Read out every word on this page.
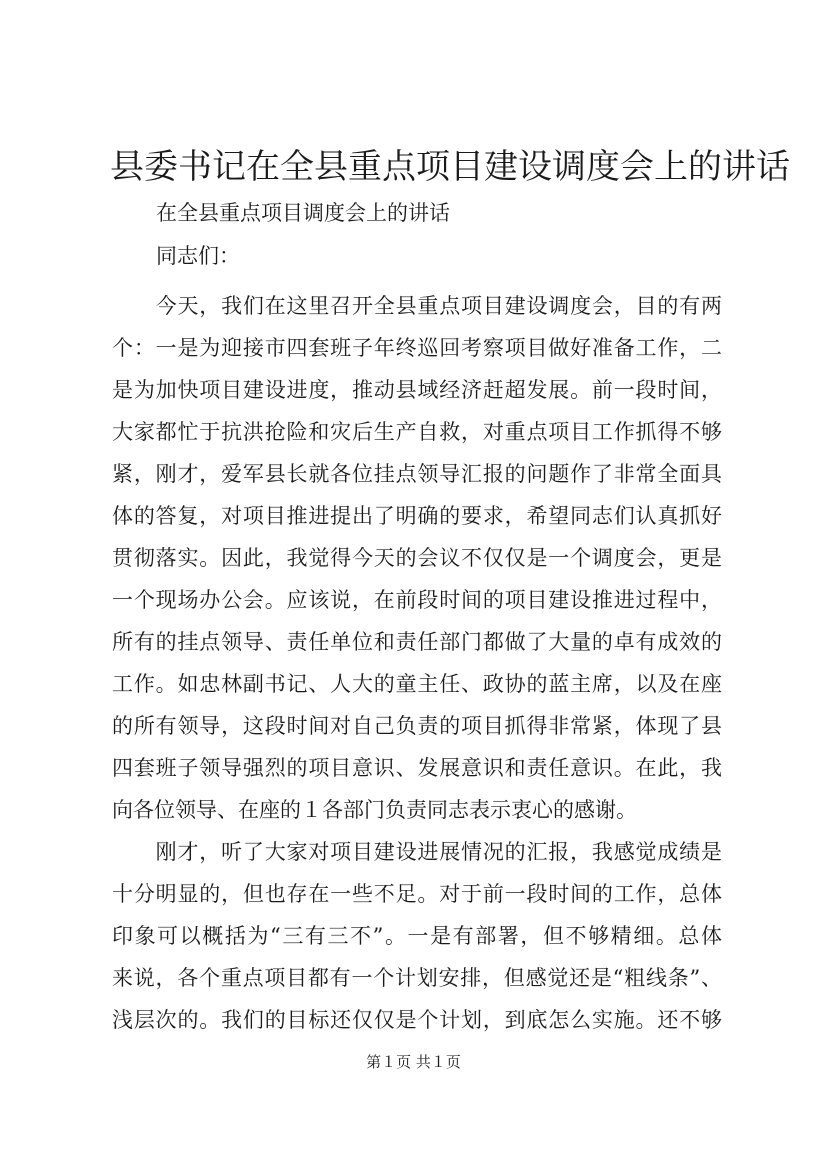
县委书记在全县重点项目建设调度会上的讲话
在全县重点项目调度会上的讲话
同志们：
　　今天，我们在这里召开全县重点项目建设调度会，目的有两
个：一是为迎接市四套班子年终巡回考察项目做好准备工作，二
是为加快项目建设进度，推动县域经济赶超发展。前一段时间，
大家都忙于抗洪抢险和灾后生产自救，对重点项目工作抓得不够
紧，刚才，爱军县长就各位挂点领导汇报的问题作了非常全面具
体的答复，对项目推进提出了明确的要求，希望同志们认真抓好
贯彻落实。因此，我觉得今天的会议不仅仅是一个调度会，更是
一个现场办公会。应该说，在前段时间的项目建设推进过程中，
所有的挂点领导、责任单位和责任部门都做了大量的卓有成效的
工作。如忠林副书记、人大的童主任、政协的蓝主席，以及在座
的所有领导，这段时间对自己负责的项目抓得非常紧，体现了县
四套班子领导强烈的项目意识、发展意识和责任意识。在此，我
向各位领导、在座的１各部门负责同志表示衷心的感谢。
　　刚才，听了大家对项目建设进展情况的汇报，我感觉成绩是
十分明显的，但也存在一些不足。对于前一段时间的工作，总体
印象可以概括为“三有三不”。一是有部署，但不够精细。总体
来说，各个重点项目都有一个计划安排，但感觉还是“粗线条”、
浅层次的。我们的目标还仅仅是个计划，到底怎么实施。还不够
第１页 共１页
